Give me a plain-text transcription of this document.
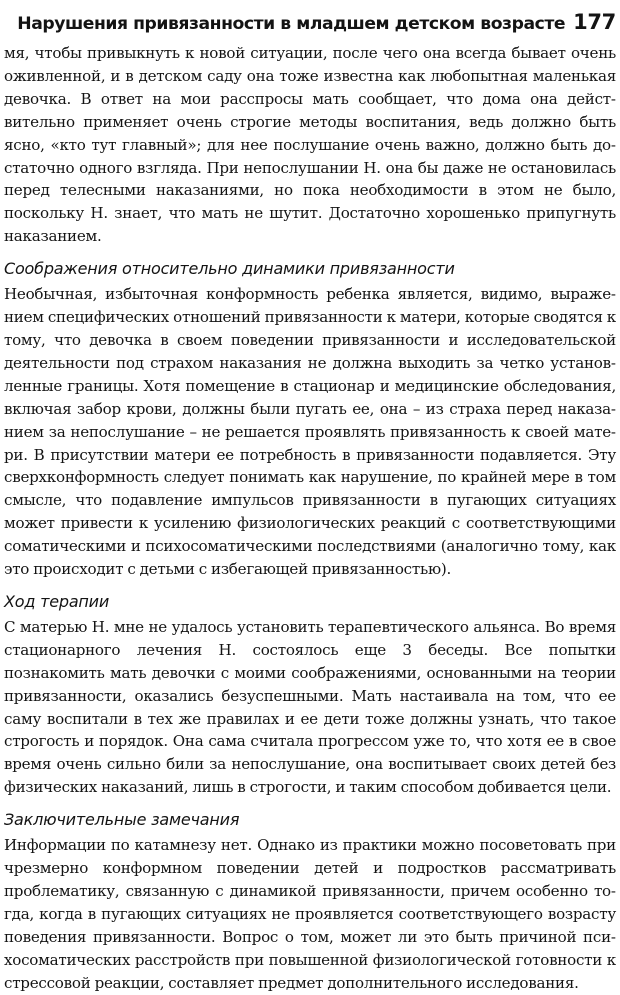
Нарушения привязанности в младшем детском возрасте 177

мя, чтобы привыкнуть к новой ситуации, после чего она всегда бывает очень оживленной, и в детском саду она тоже известна как любопытная маленькая девочка. В ответ на мои расспросы мать сообщает, что дома она действительно применяет очень строгие методы воспитания, ведь должно быть ясно, «кто тут главный»; для нее послушание очень важно, должно быть достаточно одного взгляда. При непослушании Н. она бы даже не остановилась перед телесными наказаниями, но пока необходимости в этом не было, поскольку Н. знает, что мать не шутит. Достаточно хорошенько припугнуть наказанием.

Соображения относительно динамики привязанности

Необычная, избыточная конформность ребенка является, видимо, выражением специфических отношений привязанности к матери, которые сводятся к тому, что девочка в своем поведении привязанности и исследовательской деятельности под страхом наказания не должна выходить за четко установленные границы. Хотя помещение в стационар и медицинские обследования, включая забор крови, должны были пугать ее, она – из страха перед наказанием за непослушание – не решается проявлять привязанность к своей матери. В присутствии матери ее потребность в привязанности подавляется. Эту сверхконформность следует понимать как нарушение, по крайней мере в том смысле, что подавление импульсов привязанности в пугающих ситуациях может привести к усилению физиологических реакций с соответствующими соматическими и психосоматическими последствиями (аналогично тому, как это происходит с детьми с избегающей привязанностью).

Ход терапии

С матерью Н. мне не удалось установить терапевтического альянса. Во время стационарного лечения Н. состоялось еще 3 беседы. Все попытки познакомить мать девочки с моими соображениями, основанными на теории привязанности, оказались безуспешными. Мать настаивала на том, что ее саму воспитали в тех же правилах и ее дети тоже должны узнать, что такое строгость и порядок. Она сама считала прогрессом уже то, что хотя ее в свое время очень сильно били за непослушание, она воспитывает своих детей без физических наказаний, лишь в строгости, и таким способом добивается цели.

Заключительные замечания

Информации по катамнезу нет. Однако из практики можно посоветовать при чрезмерно конформном поведении детей и подростков рассматривать проблематику, связанную с динамикой привязанности, причем особенно тогда, когда в пугающих ситуациях не проявляется соответствующего возрасту поведения привязанности. Вопрос о том, может ли это быть причиной психосоматических расстройств при повышенной физиологической готовности к стрессовой реакции, составляет предмет дополнительного исследования.
